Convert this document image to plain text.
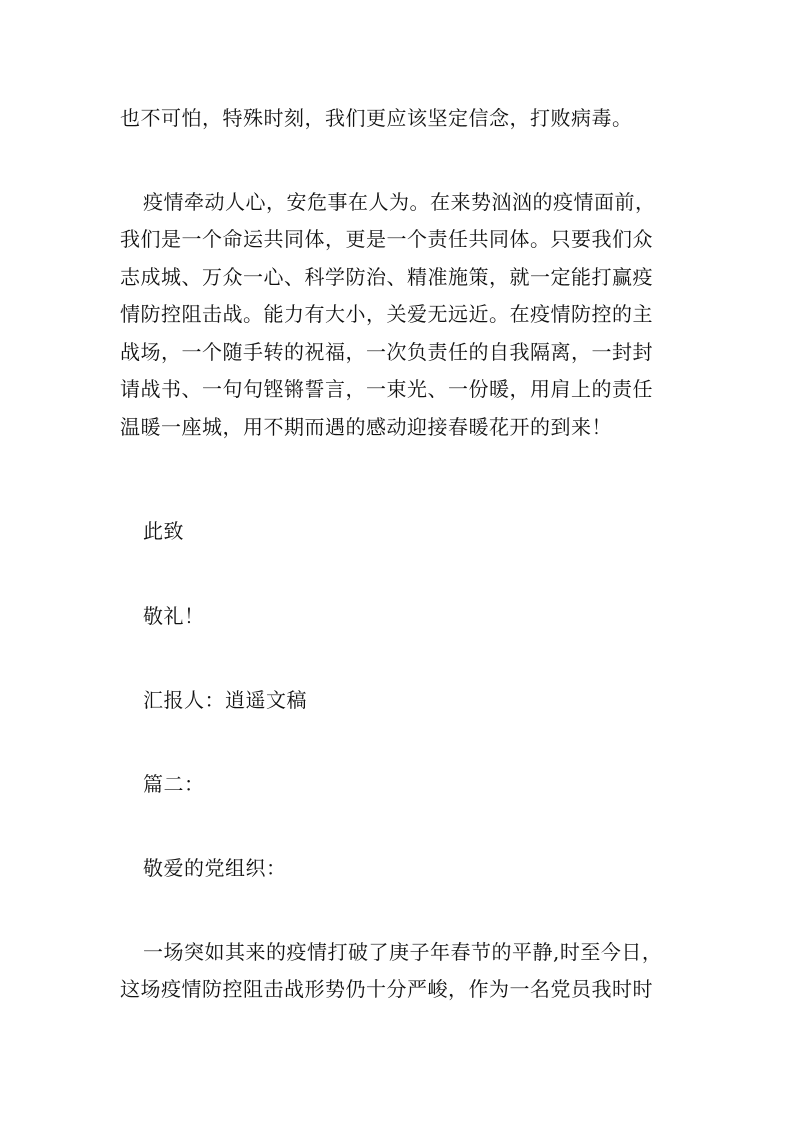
也不可怕，特殊时刻，我们更应该坚定信念，打败病毒。
疫情牵动人心，安危事在人为。在来势汹汹的疫情面前，
我们是一个命运共同体，更是一个责任共同体。只要我们众
志成城、万众一心、科学防治、精准施策，就一定能打赢疫
情防控阻击战。能力有大小，关爱无远近。在疫情防控的主
战场，一个随手转的祝福，一次负责任的自我隔离，一封封
请战书、一句句铿锵誓言，一束光、一份暖，用肩上的责任
温暖一座城，用不期而遇的感动迎接春暖花开的到来！
此致
敬礼！
汇报人：逍遥文稿
篇二：
敬爱的党组织：
一场突如其来的疫情打破了庚子年春节的平静,时至今日，
这场疫情防控阻击战形势仍十分严峻，作为一名党员我时时
